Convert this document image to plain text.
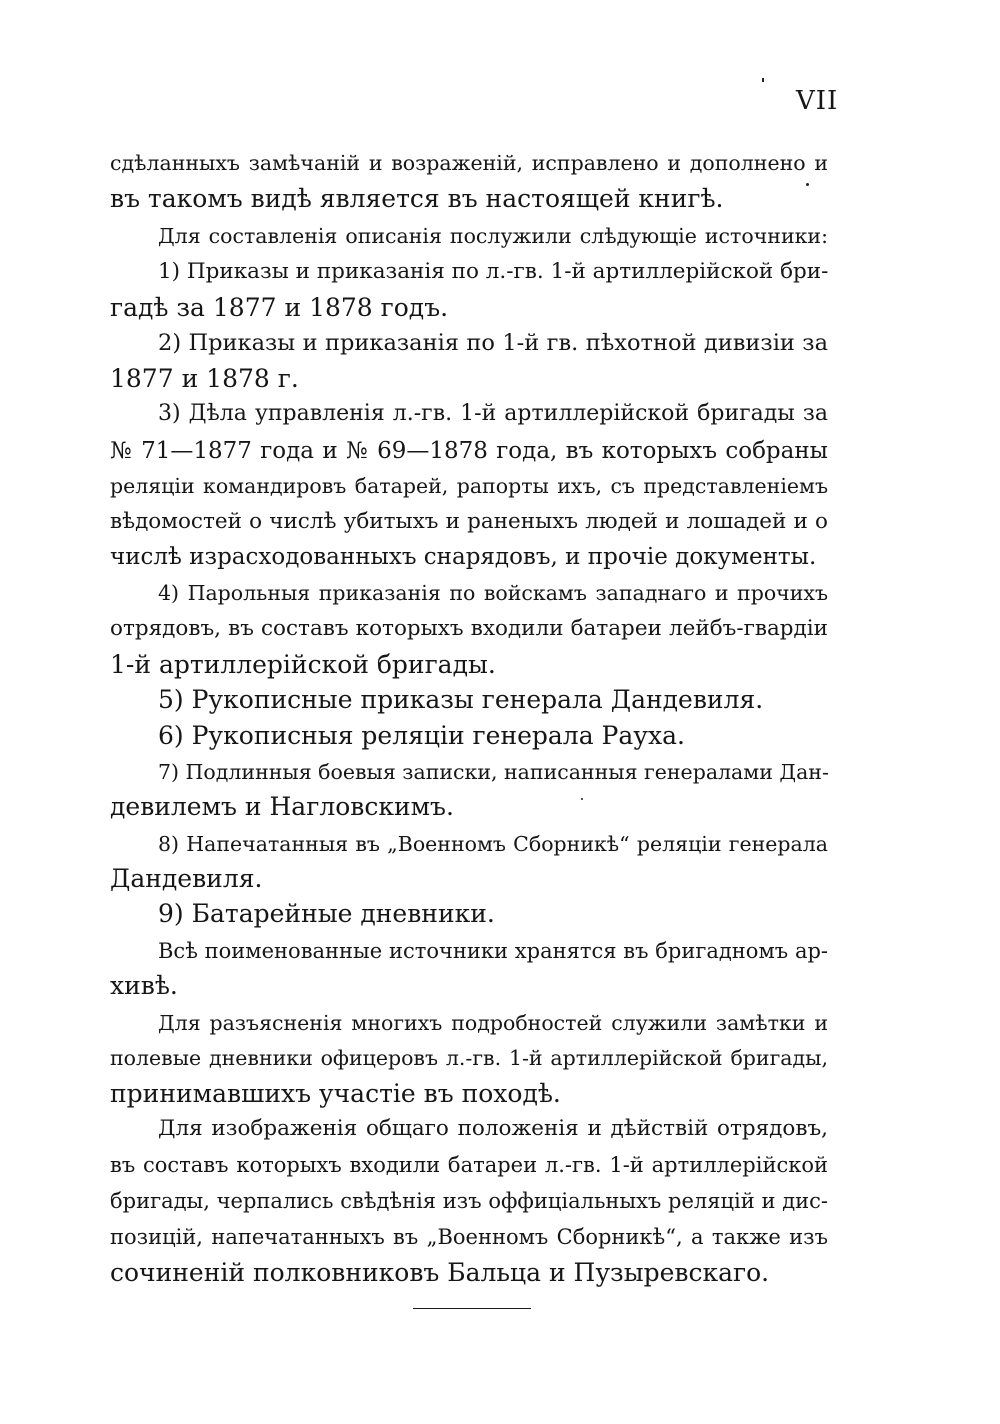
VII
сдѣланныхъ замѣчаній и возраженій, исправлено и дополнено и
въ такомъ видѣ является въ настоящей книгѣ.
Для составленія описанія послужили слѣдующіе источники:
1) Приказы и приказанія по л.-гв. 1-й артиллерійской бри-
гадѣ за 1877 и 1878 годъ.
2) Приказы и приказанія по 1-й гв. пѣхотной дивизіи за
1877 и 1878 г.
3) Дѣла управленія л.-гв. 1-й артиллерійской бригады за
№ 71—1877 года и № 69—1878 года, въ которыхъ собраны
реляціи командировъ батарей, рапорты ихъ, съ представленіемъ
вѣдомостей о числѣ убитыхъ и раненыхъ людей и лошадей и о
числѣ израсходованныхъ снарядовъ, и прочіе документы.
4) Парольныя приказанія по войскамъ западнаго и прочихъ
отрядовъ, въ составъ которыхъ входили батареи лейбъ-гвардіи
1-й артиллерійской бригады.
5) Рукописные приказы генерала Дандевиля.
6) Рукописныя реляціи генерала Рауха.
7) Подлинныя боевыя записки, написанныя генералами Дан-
девилемъ и Нагловскимъ.
8) Напечатанныя въ „Военномъ Сборникѣ“ реляціи генерала
Дандевиля.
9) Батарейные дневники.
Всѣ поименованные источники хранятся въ бригадномъ ар-
хивѣ.
Для разъясненія многихъ подробностей служили замѣтки и
полевые дневники офицеровъ л.-гв. 1-й артиллерійской бригады,
принимавшихъ участіе въ походѣ.
Для изображенія общаго положенія и дѣйствій отрядовъ,
въ составъ которыхъ входили батареи л.-гв. 1-й артиллерійской
бригады, черпались свѣдѣнія изъ оффиціальныхъ реляцій и дис-
позицій, напечатанныхъ въ „Военномъ Сборникѣ“, а также изъ
сочиненій полковниковъ Бальца и Пузыревскаго.
